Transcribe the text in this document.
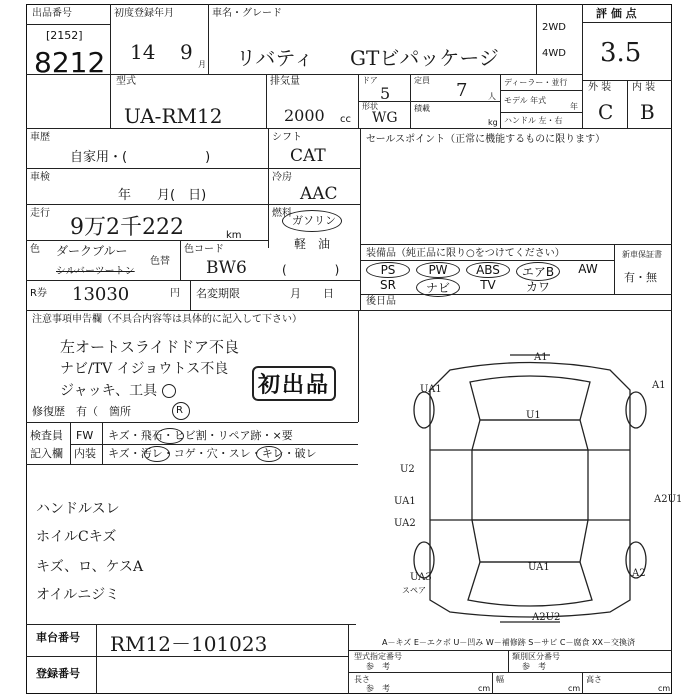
評 価 点
出品番号
[2152]
8212
初度登録年月
14 9
月
車名・グレード
リバティ GTビパッケージ
2WD
4WD 3.5
外 装 内 装
C B
型式
UA-RM12
排気量
2000 cc
ドア
5
形状
WG
定員 7	人
積載
kg
ディーラー・並行
モデル 年式
年
ハンドル 左・右
車歴
自家用・(　　　　　　)
シフト
CAT
車検
年　　月(　日)
冷房
AAC
走行
9万2千222	km
燃料
ガソリン
軽　油
色 ダークブルー
シルバーツートン
色替
色コード
BW6	(　　　　)
R券 13030	円 名変期限	月　　日
セールスポイント（正常に機能するものに限ります）
装備品（純正品に限り○をつけてください）	新車保証書
有・無
PS	PW	ABS	エアB	AW
SR	ナビ	TV	カワ
後日品
注意事項申告欄（不具合内容等は具体的に記入して下さい）
左オートスライドドア不良
ナビ/TV イジョウトス不良
ジャッキ、工具	初出品
修復歴　有（　箇所	R
検査員
記入欄
FW キズ・飛石・ヒビ割・リペア跡・×要
内装 キズ・汚レ・コゲ・穴・スレ・キレ・破レ
ハンドルスレ
ホイルCキズ
キズ、ロ、ケスA
オイルニジミ
A1
UA1	A1
U1
U2
UA1	A2U1
UA2
UA1
UA3	A2
A2U2
スペア
A－キズ E－エクボ U－凹み W－補修跡 S－サビ C－腐食 XX－交換済
車台番号 RM12－101023
登録番号
型式指定番号
参　考
類別区分番号
参　考
長さ
参　考	cm
幅
cm
高さ
cm
